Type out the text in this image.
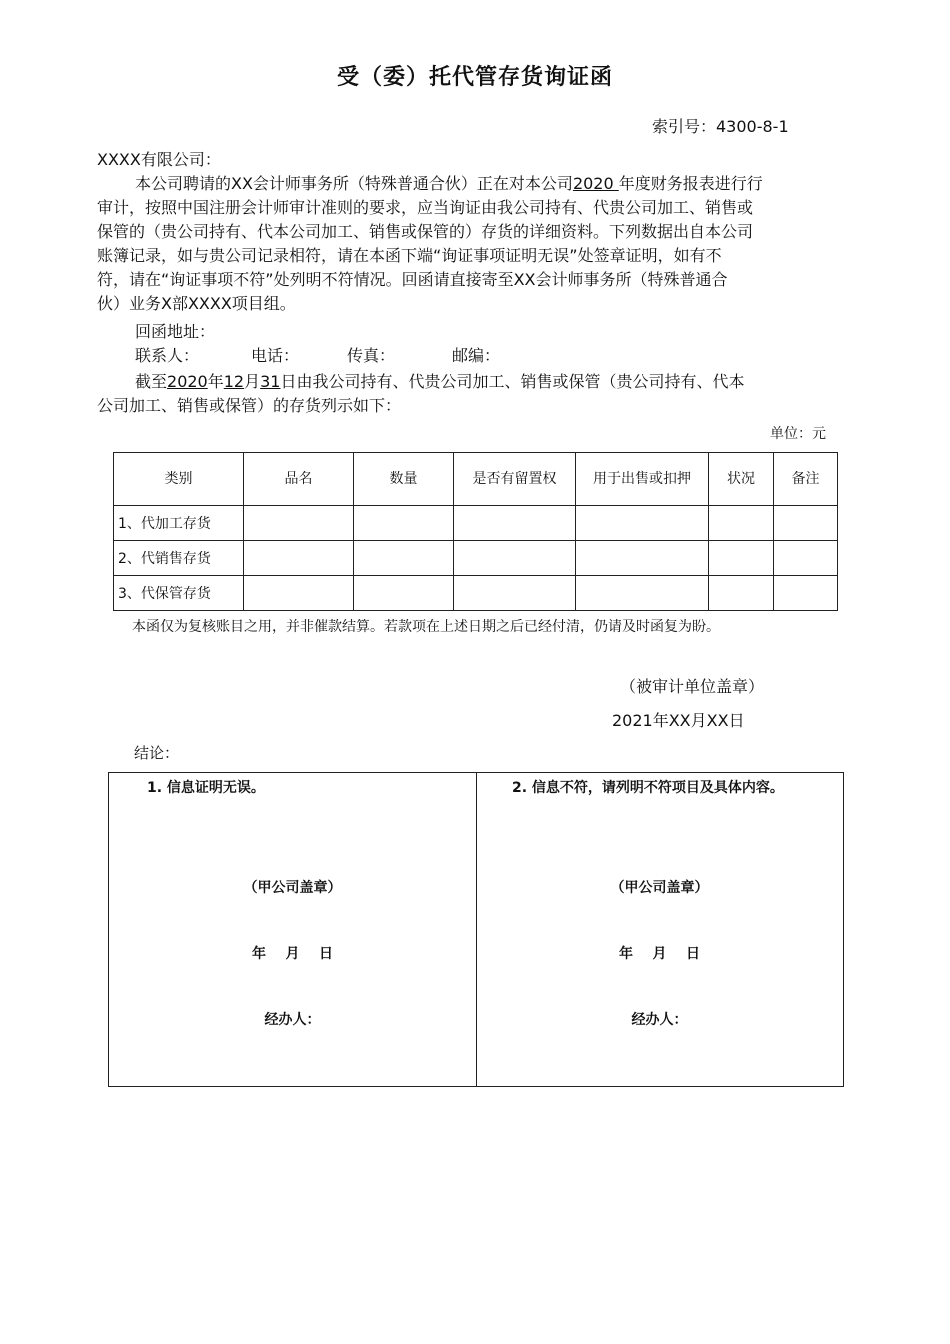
受（委）托代管存货询证函
索引号：4300-8-1
XXXX有限公司：
本公司聘请的XX会计师事务所（特殊普通合伙）正在对本公司2020 年度财务报表进行行
审计，按照中国注册会计师审计准则的要求，应当询证由我公司持有、代贵公司加工、销售或
保管的（贵公司持有、代本公司加工、销售或保管的）存货的详细资料。下列数据出自本公司
账簿记录，如与贵公司记录相符，请在本函下端“询证事项证明无误”处签章证明，如有不
符，请在“询证事项不符”处列明不符情况。回函请直接寄至XX会计师事务所（特殊普通合
伙）业务X部XXXX项目组。
回函地址：
联系人：	电话：	传真：	邮编：
截至2020年12月31日由我公司持有、代贵公司加工、销售或保管（贵公司持有、代本
公司加工、销售或保管）的存货列示如下：
单位：元
类别	品名	数量	是否有留置权	用于出售或扣押	状况	备注
1、代加工存货						
2、代销售存货						
3、代保管存货						
本函仅为复核账目之用，并非催款结算。若款项在上述日期之后已经付清，仍请及时函复为盼。
（被审计单位盖章）
2021年XX月XX日
结论：
1. 信息证明无误。
（甲公司盖章）
年    月    日
经办人：
2. 信息不符，请列明不符项目及具体内容。
（甲公司盖章）
年    月    日
经办人：
